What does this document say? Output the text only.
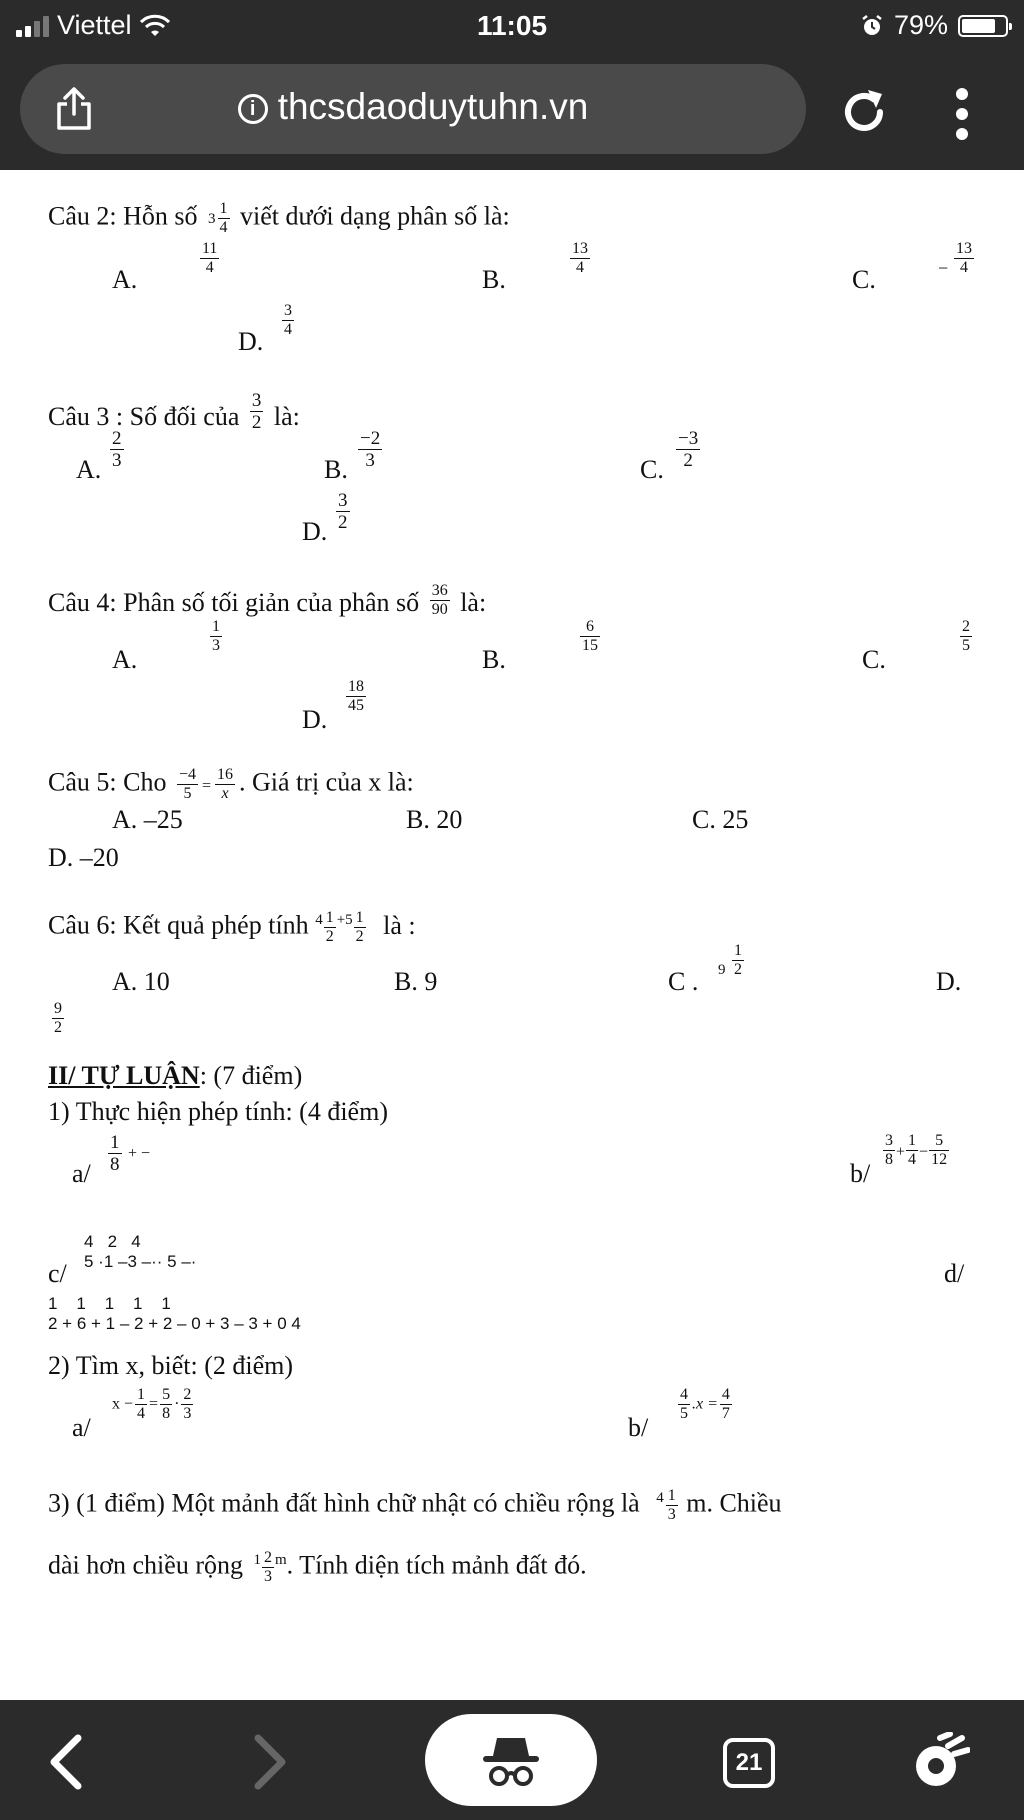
Viettel	11:05	79%
i thcsdaoduytuhn.vn
Câu 2: Hỗn số $3 \frac{1}{4}$ viết dưới dạng phân số là:
A.
$\frac{11}{4}$
B.
$\frac{13}{4}$
C.	− $\frac{13}{4}$
D.
$\frac{3}{4}$
Câu 3 : Số đối của $\frac{3}{2}$ là:
A. $\frac{2}{3}$	B. $\frac{-2}{3}$	C. $\frac{-3}{2}$
D. $\frac{3}{2}$
Câu 4: Phân số tối giản của phân số $\frac{36}{90}$ là:
A.
$\frac{1}{3}$
B.
$\frac{6}{15}$
C.
$\frac{2}{5}$
D.
$\frac{18}{45}$
Câu 5: Cho $\frac{-4}{5} = \frac{16}{x}$ . Giá trị của x là:
A. –25	B. 20	C. 25
D. –20
Câu 6: Kết quả phép tính $^4 \frac{1}{2} ^{+5} \frac{1}{2}$ là :
A. 10	B. 9	C . $9 \frac{1}{2}$
D.
$\frac{9}{2}$
II/ TỰ LUẬN: (7 điểm)
1) Thực hiện phép tính: (4 điểm)
$a/ \frac{1}{8}$ + −
b/
$\frac{3}{8} + \frac{1}{4} - \frac{5}{12}$
c/
4   2   4
5 ·1 –3 –·· 5 –·	d/
1    1    1    1    1
2 + 6 + 1 – 2 + 2 – 0 + 3 – 3 + 0 4
2) Tìm x, biết: (2 điểm)
a/
$x - \frac{1}{4} = \frac{5}{8} \cdot \frac{2}{3}$
b/
$\frac{4}{5} .x = \frac{4}{7}$
3) (1 điểm) Một mảnh đất hình chữ nhật có chiều rộng là $^4 \frac{1}{3} m$. Chiều
dài hơn chiều rộng $^1 \frac{2}{3} ^m$. Tính diện tích mảnh đất đó.
21
